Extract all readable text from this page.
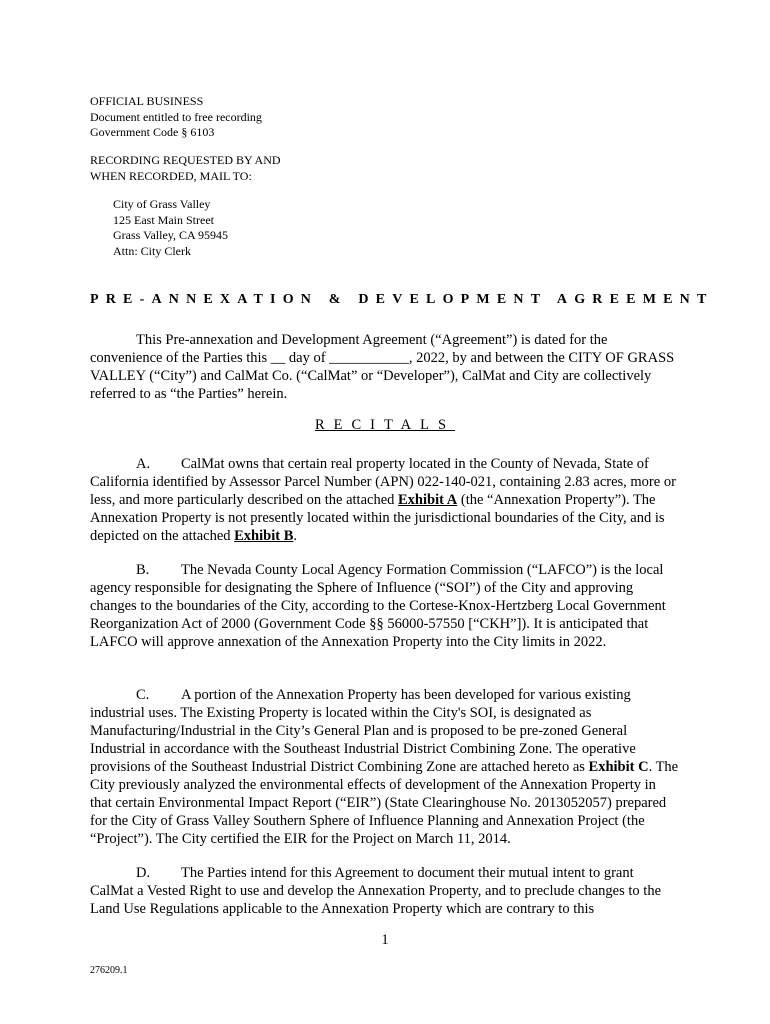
OFFICIAL BUSINESS
Document entitled to free recording
Government Code § 6103
RECORDING REQUESTED BY AND
WHEN RECORDED, MAIL TO:
City of Grass Valley
125 East Main Street
Grass Valley, CA 95945
Attn: City Clerk
PRE-ANNEXATION & DEVELOPMENT AGREEMENT
This Pre-annexation and Development Agreement (“Agreement”) is dated for the convenience of the Parties this __ day of ___________, 2022, by and between the CITY OF GRASS VALLEY (“City”) and CalMat Co. (“CalMat” or “Developer”), CalMat and City are collectively referred to as “the Parties” herein.
RECITALS
A. CalMat owns that certain real property located in the County of Nevada, State of California identified by Assessor Parcel Number (APN) 022-140-021, containing 2.83 acres, more or less, and more particularly described on the attached Exhibit A (the “Annexation Property”). The Annexation Property is not presently located within the jurisdictional boundaries of the City, and is depicted on the attached Exhibit B.
B. The Nevada County Local Agency Formation Commission (“LAFCO”) is the local agency responsible for designating the Sphere of Influence (“SOI”) of the City and approving changes to the boundaries of the City, according to the Cortese-Knox-Hertzberg Local Government Reorganization Act of 2000 (Government Code §§ 56000-57550 [“CKH”]). It is anticipated that LAFCO will approve annexation of the Annexation Property into the City limits in 2022.
C. A portion of the Annexation Property has been developed for various existing industrial uses. The Existing Property is located within the City's SOI, is designated as Manufacturing/Industrial in the City’s General Plan and is proposed to be pre-zoned General Industrial in accordance with the Southeast Industrial District Combining Zone. The operative provisions of the Southeast Industrial District Combining Zone are attached hereto as Exhibit C. The City previously analyzed the environmental effects of development of the Annexation Property in that certain Environmental Impact Report (“EIR”) (State Clearinghouse No. 2013052057) prepared for the City of Grass Valley Southern Sphere of Influence Planning and Annexation Project (the “Project”). The City certified the EIR for the Project on March 11, 2014.
D. The Parties intend for this Agreement to document their mutual intent to grant CalMat a Vested Right to use and develop the Annexation Property, and to preclude changes to the Land Use Regulations applicable to the Annexation Property which are contrary to this
1
276209.1
